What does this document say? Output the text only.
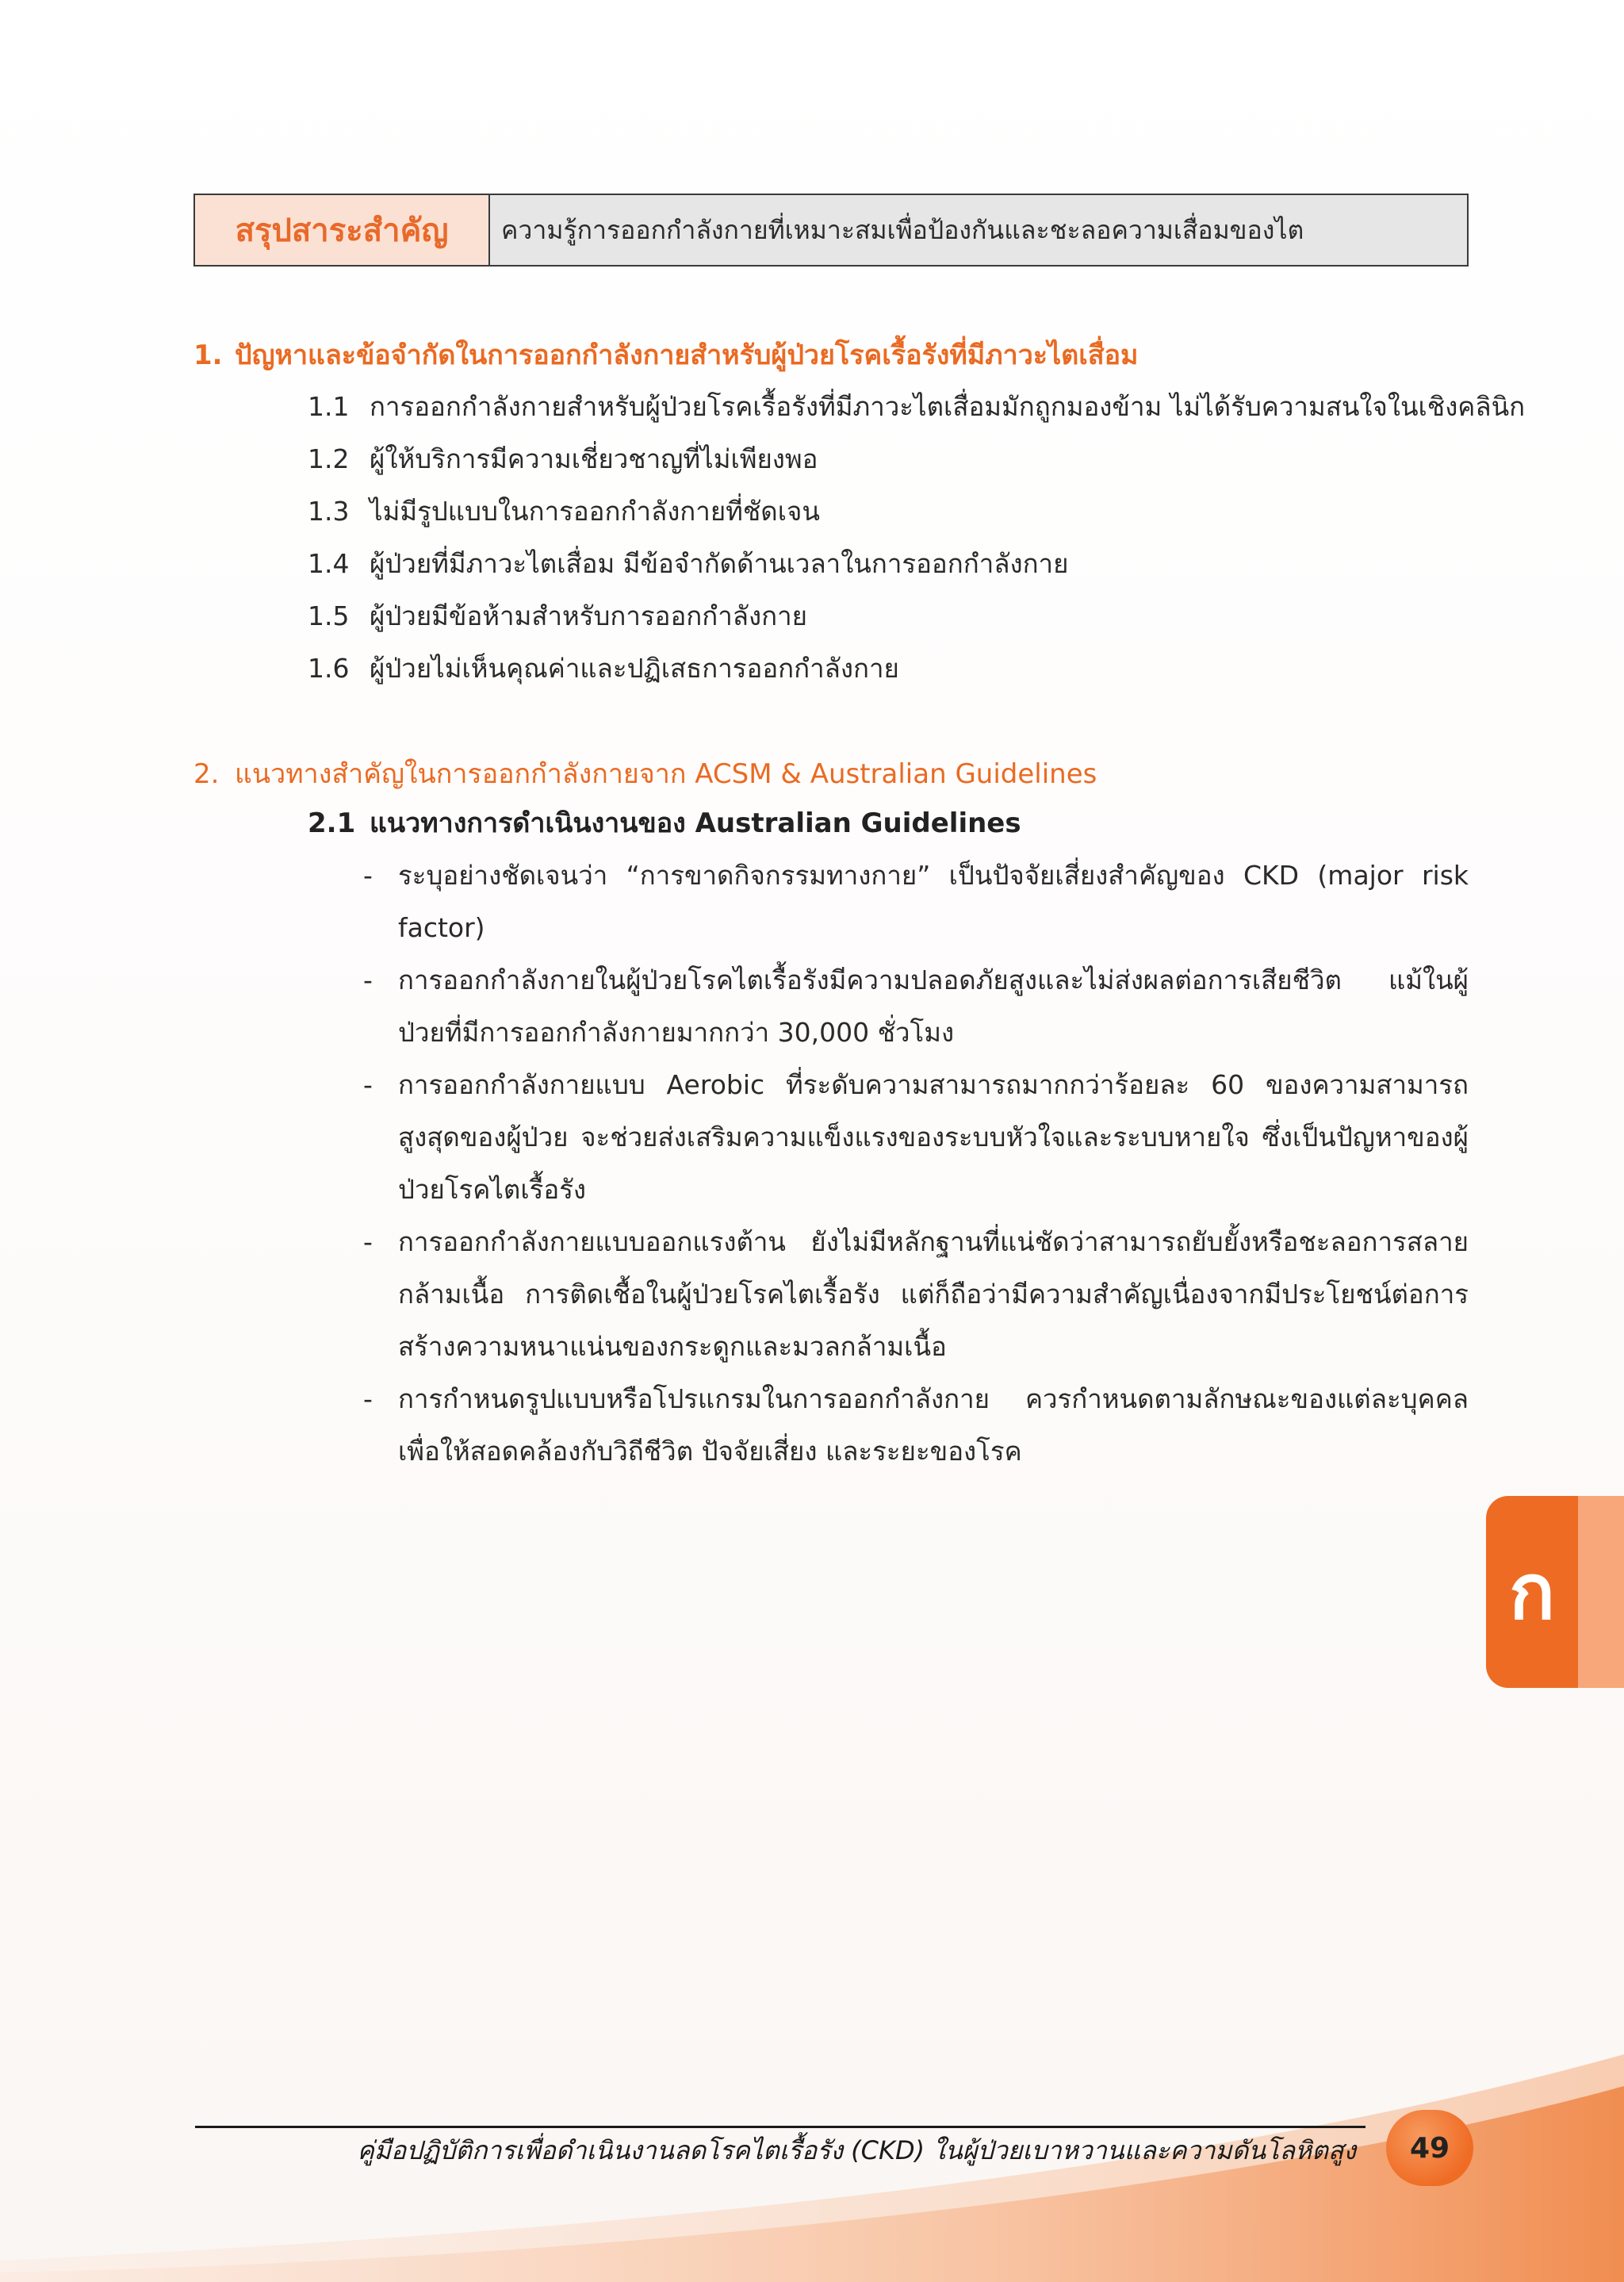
สรุปสาระสำคัญ	ความรู้การออกกำลังกายที่เหมาะสมเพื่อป้องกันและชะลอความเสื่อมของไต
1. ปัญหาและข้อจำกัดในการออกกำลังกายสำหรับผู้ป่วยโรคเรื้อรังที่มีภาวะไตเสื่อม
1.1 การออกกำลังกายสำหรับผู้ป่วยโรคเรื้อรังที่มีภาวะไตเสื่อมมักถูกมองข้าม ไม่ได้รับความสนใจในเชิงคลินิก
1.2 ผู้ให้บริการมีความเชี่ยวชาญที่ไม่เพียงพอ
1.3 ไม่มีรูปแบบในการออกกำลังกายที่ชัดเจน
1.4 ผู้ป่วยที่มีภาวะไตเสื่อม มีข้อจำกัดด้านเวลาในการออกกำลังกาย
1.5 ผู้ป่วยมีข้อห้ามสำหรับการออกกำลังกาย
1.6 ผู้ป่วยไม่เห็นคุณค่าและปฏิเสธการออกกำลังกาย
2. แนวทางสำคัญในการออกกำลังกายจาก ACSM & Australian Guidelines
2.1 แนวทางการดำเนินงานของ Australian Guidelines
- ระบุอย่างชัดเจนว่า “การขาดกิจกรรมทางกาย” เป็นปัจจัยเสี่ยงสำคัญของ CKD (major risk factor)
- การออกกำลังกายในผู้ป่วยโรคไตเรื้อรังมีความปลอดภัยสูงและไม่ส่งผลต่อการเสียชีวิต แม้ในผู้ป่วยที่มีการออกกำลังกายมากกว่า 30,000 ชั่วโมง
- การออกกำลังกายแบบ Aerobic ที่ระดับความสามารถมากกว่าร้อยละ 60 ของความสามารถสูงสุดของผู้ป่วย จะช่วยส่งเสริมความแข็งแรงของระบบหัวใจและระบบหายใจ ซึ่งเป็นปัญหาของผู้ป่วยโรคไตเรื้อรัง
- การออกกำลังกายแบบออกแรงต้าน ยังไม่มีหลักฐานที่แน่ชัดว่าสามารถยับยั้งหรือชะลอการสลายกล้ามเนื้อ การติดเชื้อในผู้ป่วยโรคไตเรื้อรัง แต่ก็ถือว่ามีความสำคัญเนื่องจากมีประโยชน์ต่อการสร้างความหนาแน่นของกระดูกและมวลกล้ามเนื้อ
- การกำหนดรูปแบบหรือโปรแกรมในการออกกำลังกาย ควรกำหนดตามลักษณะของแต่ละบุคคลเพื่อให้สอดคล้องกับวิถีชีวิต ปัจจัยเสี่ยง และระยะของโรค
ก
คู่มือปฏิบัติการเพื่อดำเนินงานลดโรคไตเรื้อรัง (CKD) ในผู้ป่วยเบาหวานและความดันโลหิตสูง	49
